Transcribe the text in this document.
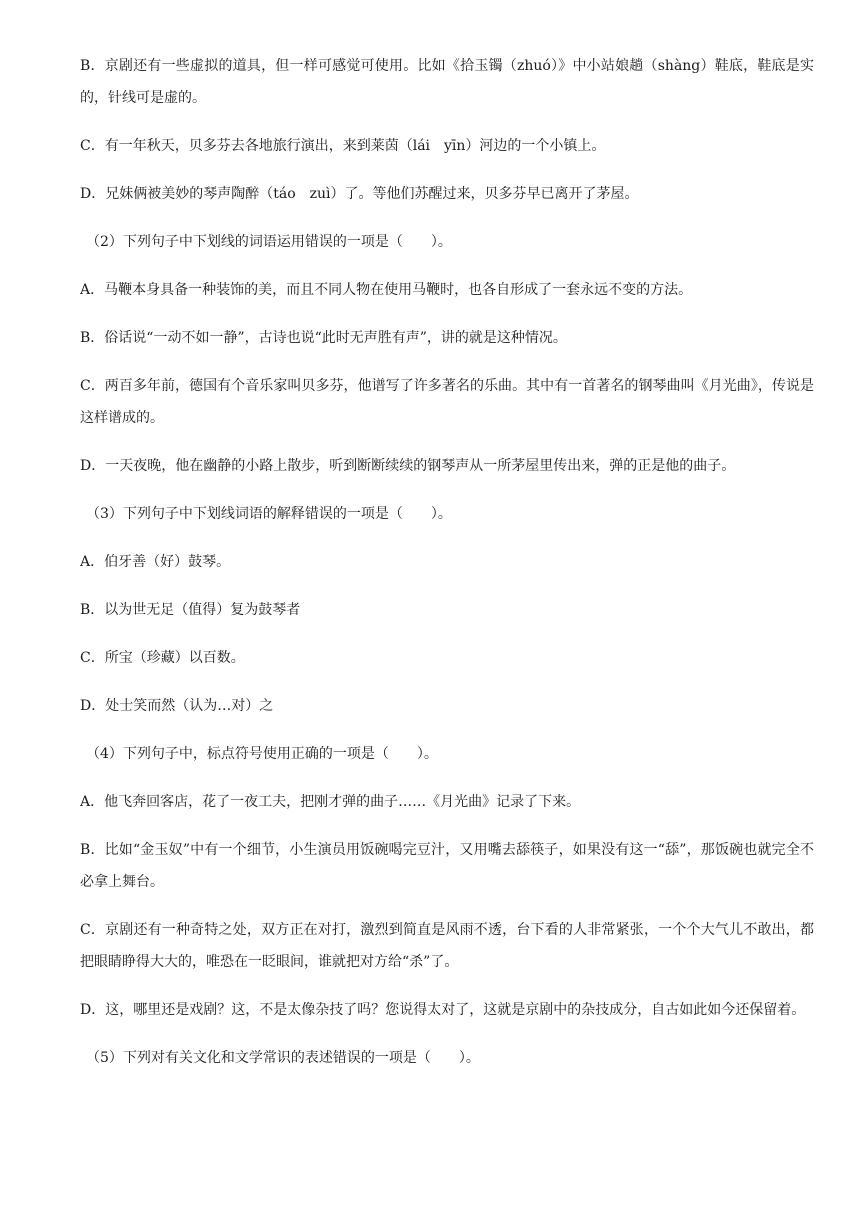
B．京剧还有一些虚拟的道具，但一样可感觉可使用。比如《拾玉镯（zhuó）》中小站娘趟（shàng）鞋底，鞋底是实的，针线可是虚的。

C．有一年秋天，贝多芬去各地旅行演出，来到莱茵（lái　yīn）河边的一个小镇上。

D．兄妹俩被美妙的琴声陶醉（táo　zuì）了。等他们苏醒过来，贝多芬早已离开了茅屋。

（2）下列句子中下划线的词语运用错误的一项是（　　）。

A．马鞭本身具备一种装饰的美，而且不同人物在使用马鞭时，也各自形成了一套永远不变的方法。

B．俗话说“一动不如一静”，古诗也说“此时无声胜有声”，讲的就是这种情况。

C．两百多年前，德国有个音乐家叫贝多芬，他谱写了许多著名的乐曲。其中有一首著名的钢琴曲叫《月光曲》，传说是这样谱成的。

D．一天夜晚，他在幽静的小路上散步，听到断断续续的钢琴声从一所茅屋里传出来，弹的正是他的曲子。

（3）下列句子中下划线词语的解释错误的一项是（　　）。

A．伯牙善（好）鼓琴。

B．以为世无足（值得）复为鼓琴者

C．所宝（珍藏）以百数。

D．处士笑而然（认为…对）之

（4）下列句子中，标点符号使用正确的一项是（　　）。

A．他飞奔回客店，花了一夜工夫，把刚才弹的曲子……《月光曲》记录了下来。

B．比如“金玉奴”中有一个细节，小生演员用饭碗喝完豆汁，又用嘴去舔筷子，如果没有这一“舔”，那饭碗也就完全不必拿上舞台。

C．京剧还有一种奇特之处，双方正在对打，激烈到简直是风雨不透，台下看的人非常紧张，一个个大气儿不敢出，都把眼睛睁得大大的，唯恐在一眨眼间，谁就把对方给“杀”了。

D．这，哪里还是戏剧？这，不是太像杂技了吗？您说得太对了，这就是京剧中的杂技成分，自古如此如今还保留着。

（5）下列对有关文化和文学常识的表述错误的一项是（　　）。
